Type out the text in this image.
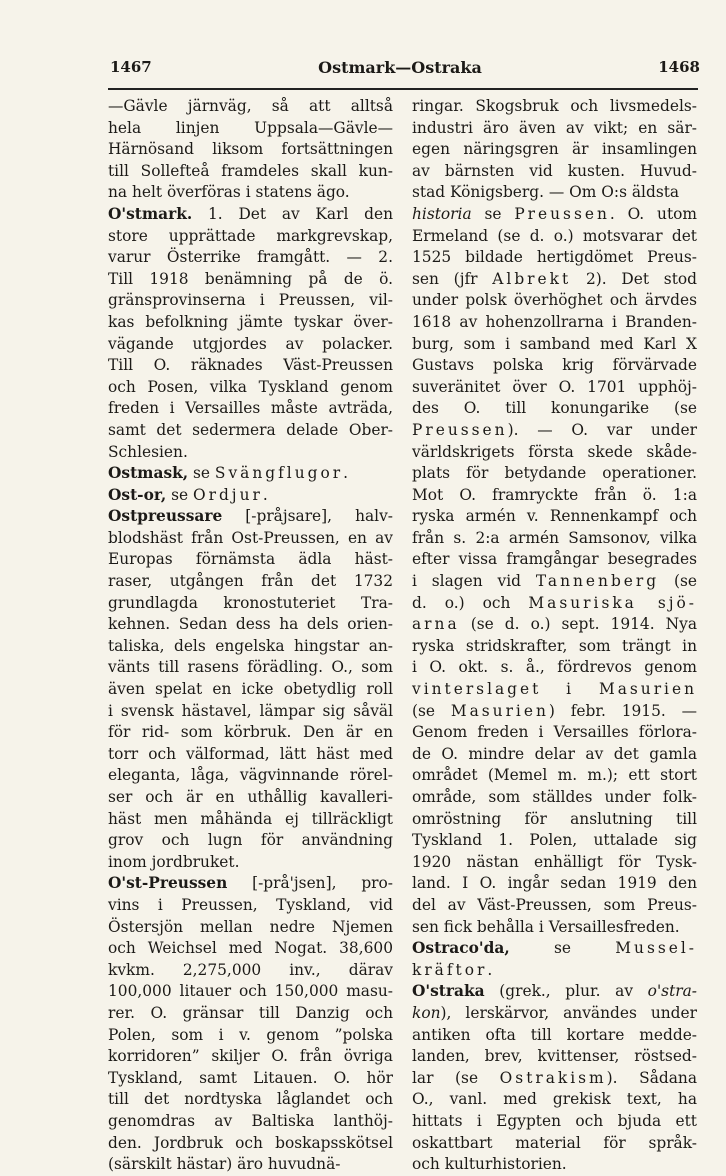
1467	Ostmark—Ostraka	1468
—Gävle järnväg, så att alltså
hela linjen Uppsala—Gävle—
Härnösand liksom fortsättningen
till Sollefteå framdeles skall kun-
na helt överföras i statens ägo.
O'stmark. 1. Det av Karl den
store upprättade markgrevskap,
varur Österrike framgått. — 2.
Till 1918 benämning på de ö.
gränsprovinserna i Preussen, vil-
kas befolkning jämte tyskar över-
vägande utgjordes av polacker.
Till O. räknades Väst-Preussen
och Posen, vilka Tyskland genom
freden i Versailles måste avträda,
samt det sedermera delade Ober-
Schlesien.
Ostmask, se Svängflugor.
Ost-or, se Ordjur.
Ostpreussare [-pråjsare], halv-
blodshäst från Ost-Preussen, en av
Europas förnämsta ädla häst-
raser, utgången från det 1732
grundlagda kronostuteriet Tra-
kehnen. Sedan dess ha dels orien-
taliska, dels engelska hingstar an-
vänts till rasens förädling. O., som
även spelat en icke obetydlig roll
i svensk hästavel, lämpar sig såväl
för rid- som körbruk. Den är en
torr och välformad, lätt häst med
eleganta, låga, vägvinnande rörel-
ser och är en uthållig kavalleri-
häst men måhända ej tillräckligt
grov och lugn för användning
inom jordbruket.
O'st-Preussen [-prå'jsen], pro-
vins i Preussen, Tyskland, vid
Östersjön mellan nedre Njemen
och Weichsel med Nogat. 38,600
kvkm. 2,275,000 inv., därav
100,000 litauer och 150,000 masu-
rer. O. gränsar till Danzig och
Polen, som i v. genom ”polska
korridoren” skiljer O. från övriga
Tyskland, samt Litauen. O. hör
till det nordtyska låglandet och
genomdras av Baltiska lanthöj-
den. Jordbruk och boskapsskötsel
(särskilt hästar) äro huvudnä-
ringar. Skogsbruk och livsmedels-
industri äro även av vikt; en sär-
egen näringsgren är insamlingen
av bärnsten vid kusten. Huvud-
stad Königsberg. — Om O:s äldsta
historia se Preussen. O. utom
Ermeland (se d. o.) motsvarar det
1525 bildade hertigdömet Preus-
sen (jfr Albrekt 2). Det stod
under polsk överhöghet och ärvdes
1618 av hohenzollrarna i Branden-
burg, som i samband med Karl X
Gustavs polska krig förvärvade
suveränitet över O. 1701 upphöj-
des O. till konungarike (se
Preussen). — O. var under
världskrigets första skede skåde-
plats för betydande operationer.
Mot O. framryckte från ö. 1:a
ryska armén v. Rennenkampf och
från s. 2:a armén Samsonov, vilka
efter vissa framgångar besegrades
i slagen vid Tannenberg (se
d. o.) och Masuriska sjö-
arna (se d. o.) sept. 1914. Nya
ryska stridskrafter, som trängt in
i O. okt. s. å., fördrevos genom
vinterslaget i Masurien
(se Masurien) febr. 1915. —
Genom freden i Versailles förlora-
de O. mindre delar av det gamla
området (Memel m. m.); ett stort
område, som ställdes under folk-
omröstning för anslutning till
Tyskland 1. Polen, uttalade sig
1920 nästan enhälligt för Tysk-
land. I O. ingår sedan 1919 den
del av Väst-Preussen, som Preus-
sen fick behålla i Versaillesfreden.
Ostraco'da, se Mussel-
kräftor.
O'straka (grek., plur. av o'stra-
kon), lerskärvor, användes under
antiken ofta till kortare medde-
landen, brev, kvittenser, röstsed-
lar (se Ostrakism). Sådana
O., vanl. med grekisk text, ha
hittats i Egypten och bjuda ett
oskattbart material för språk-
och kulturhistorien.
